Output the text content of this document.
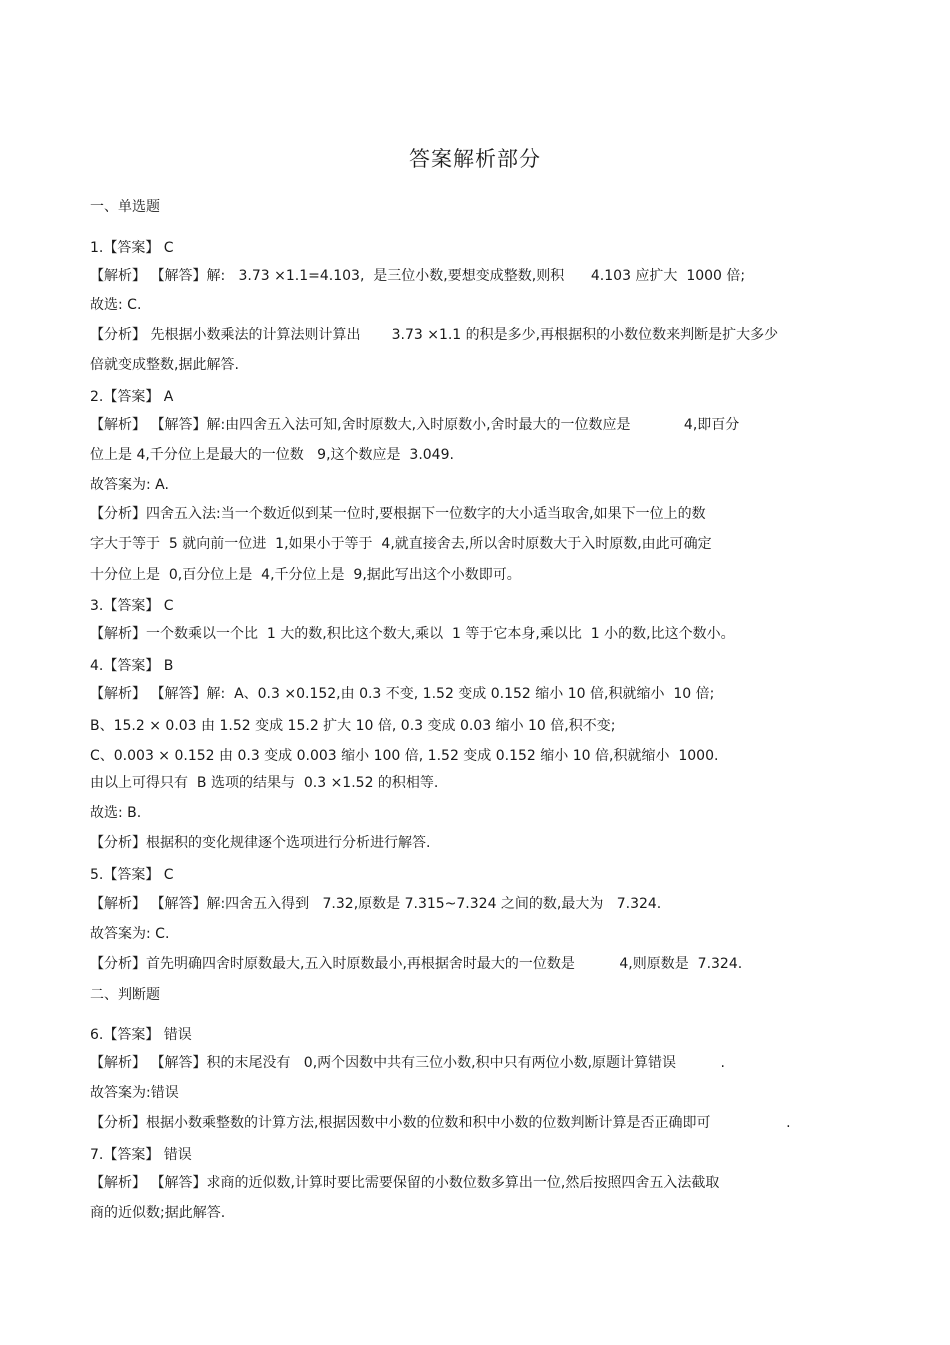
答案解析部分
一、单选题
1.【答案】 C
【解析】 【解答】解:   3.73 ×1.1=4.103,  是三位小数,要想变成整数,则积      4.103 应扩大  1000 倍;
故选: C.
【分析】 先根据小数乘法的计算法则计算出       3.73 ×1.1 的积是多少,再根据积的小数位数来判断是扩大多少
倍就变成整数,据此解答.
2.【答案】 A
【解析】 【解答】解:由四舍五入法可知,舍时原数大,入时原数小,舍时最大的一位数应是            4,即百分
位上是 4,千分位上是最大的一位数   9,这个数应是  3.049.
故答案为: A.
【分析】四舍五入法:当一个数近似到某一位时,要根据下一位数字的大小适当取舍,如果下一位上的数
字大于等于  5 就向前一位进  1,如果小于等于  4,就直接舍去,所以舍时原数大于入时原数,由此可确定
十分位上是  0,百分位上是  4,千分位上是  9,据此写出这个小数即可。
3.【答案】 C
【解析】一个数乘以一个比  1 大的数,积比这个数大,乘以  1 等于它本身,乘以比  1 小的数,比这个数小。
4.【答案】 B
【解析】 【解答】解:  A、0.3 ×0.152,由 0.3 不变, 1.52 变成 0.152 缩小 10 倍,积就缩小  10 倍;
B、15.2 × 0.03 由 1.52 变成 15.2 扩大 10 倍, 0.3 变成 0.03 缩小 10 倍,积不变;
C、0.003 × 0.152 由 0.3 变成 0.003 缩小 100 倍, 1.52 变成 0.152 缩小 10 倍,积就缩小  1000.
由以上可得只有  B 选项的结果与  0.3 ×1.52 的积相等.
故选: B.
【分析】根据积的变化规律逐个选项进行分析进行解答.
5.【答案】 C
【解析】 【解答】解:四舍五入得到   7.32,原数是 7.315~7.324 之间的数,最大为   7.324.
故答案为: C.
【分析】首先明确四舍时原数最大,五入时原数最小,再根据舍时最大的一位数是          4,则原数是  7.324.
二、判断题
6.【答案】 错误
【解析】 【解答】积的末尾没有   0,两个因数中共有三位小数,积中只有两位小数,原题计算错误          .
故答案为:错误
【分析】根据小数乘整数的计算方法,根据因数中小数的位数和积中小数的位数判断计算是否正确即可                 .
7.【答案】 错误
【解析】 【解答】求商的近似数,计算时要比需要保留的小数位数多算出一位,然后按照四舍五入法截取
商的近似数;据此解答.
